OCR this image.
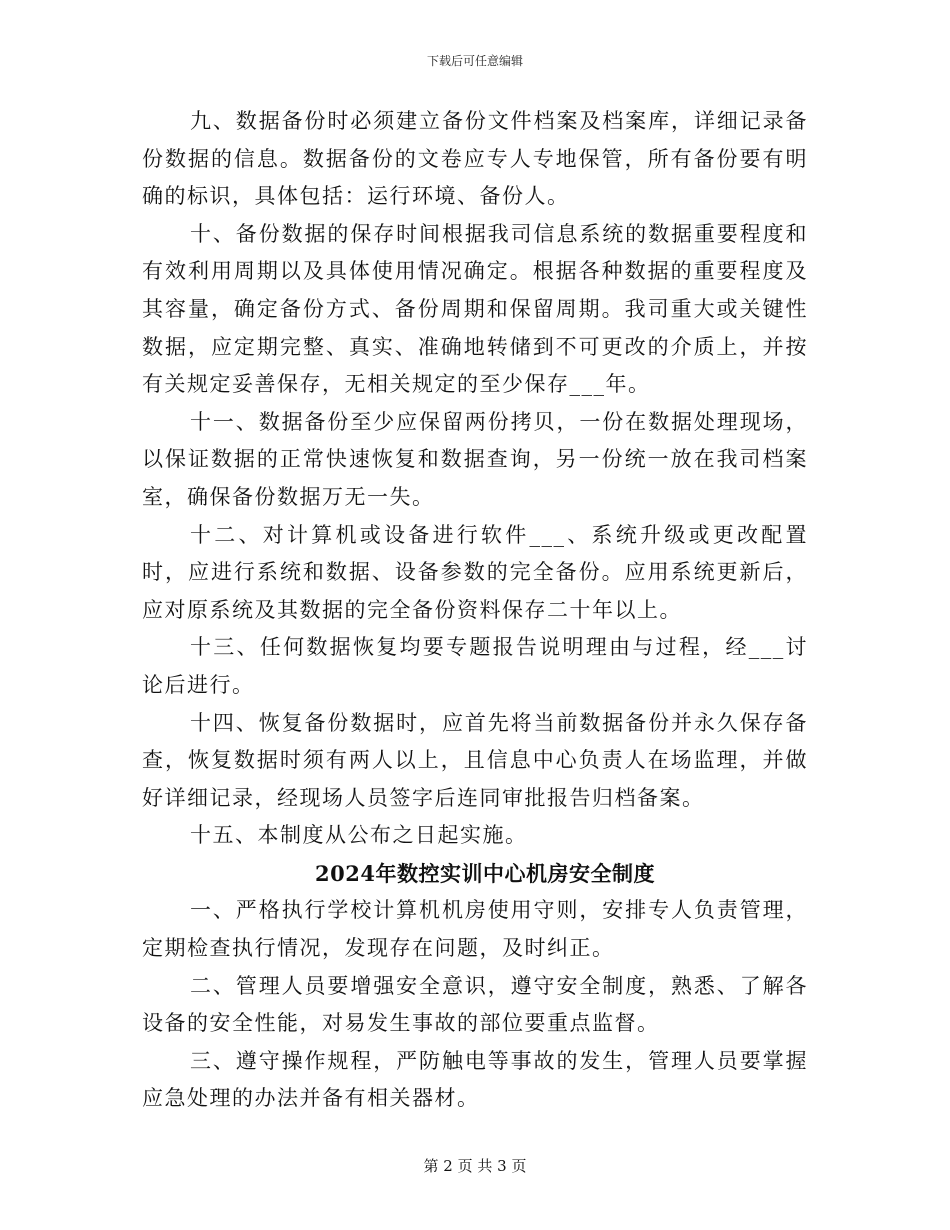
下载后可任意编辑

九、数据备份时必须建立备份文件档案及档案库，详细记录备份数据的信息。数据备份的文卷应专人专地保管，所有备份要有明确的标识，具体包括：运行环境、备份人。

十、备份数据的保存时间根据我司信息系统的数据重要程度和有效利用周期以及具体使用情况确定。根据各种数据的重要程度及其容量，确定备份方式、备份周期和保留周期。我司重大或关键性数据，应定期完整、真实、准确地转储到不可更改的介质上，并按有关规定妥善保存，无相关规定的至少保存___年。

十一、数据备份至少应保留两份拷贝，一份在数据处理现场，以保证数据的正常快速恢复和数据查询，另一份统一放在我司档案室，确保备份数据万无一失。

十二、对计算机或设备进行软件___、系统升级或更改配置时，应进行系统和数据、设备参数的完全备份。应用系统更新后，应对原系统及其数据的完全备份资料保存二十年以上。

十三、任何数据恢复均要专题报告说明理由与过程，经___讨论后进行。

十四、恢复备份数据时，应首先将当前数据备份并永久保存备查，恢复数据时须有两人以上，且信息中心负责人在场监理，并做好详细记录，经现场人员签字后连同审批报告归档备案。

十五、本制度从公布之日起实施。

2024年数控实训中心机房安全制度

一、严格执行学校计算机机房使用守则，安排专人负责管理，定期检查执行情况，发现存在问题，及时纠正。

二、管理人员要增强安全意识，遵守安全制度，熟悉、了解各设备的安全性能，对易发生事故的部位要重点监督。

三、遵守操作规程，严防触电等事故的发生，管理人员要掌握应急处理的办法并备有相关器材。

第 2 页 共 3 页
